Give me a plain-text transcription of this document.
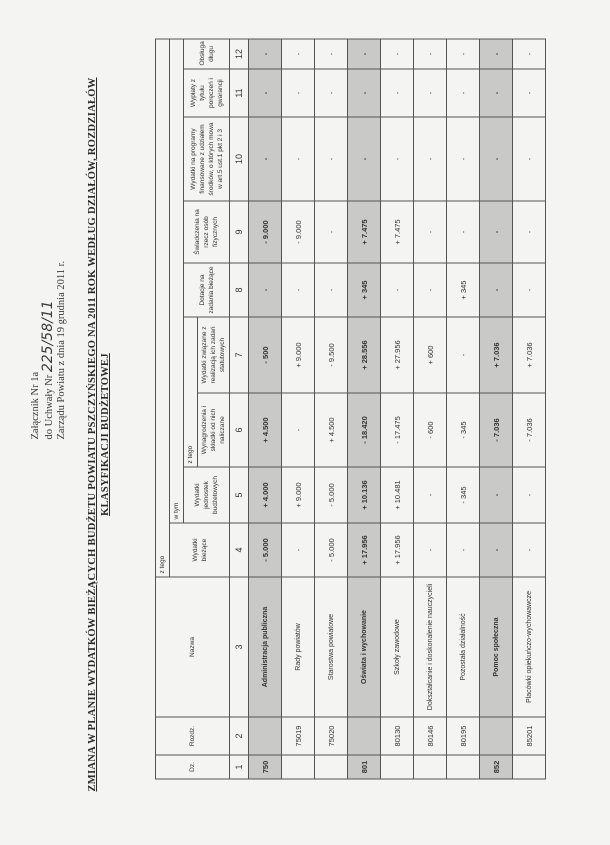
Załącznik Nr 1a do Uchwały Nr 225/58/11 Zarządu Powiatu z dnia 19 grudnia 2011 r. ZMIANA W PLANIE WYDATKÓW BIEŻĄCYCH BUDŻETU POWIATU PSZCZYŃSKIEGO NA 2011 ROK WEDŁUG DZIAŁÓW, ROZDZIAŁÓW KLASYFIKACJI BUDŻETOWEJ
Dz.	Rozdz.	Nazwa	z tego								
			Wydatki bieżące	w tym							
				Wydatki jednostek budżetowych	z tego		Dotacje na zadania bieżące	Świadczenia na rzecz osób fizycznych	Wydatki na programy finansowane z udziałem środków, o których mowa w art.5 ust.1 pkt 2 i 3	Wypłaty z tytułu poręczeń i gwarancji	Obsługa długu
					Wynagrodzenia i składki od nich naliczane	Wydatki związane z realizacją ich zadań statutowych					
1	2	3	4	5	6	7	8	9	10	11	12
750		Administracja publiczna	- 5.000	+ 4.000	+ 4.500	- 500	-	- 9.000	-	-	-
	75019	Rady powiatów	-	+ 9.000	-	+ 9.000	-	- 9.000	-	-	-
	75020	Starostwa powiatowe	- 5.000	- 5.000	+ 4.500	- 9.500	-	-	-	-	-
801		Oświata i wychowanie	+ 17.956	+ 10.136	- 18.420	+ 28.556	+ 345	+ 7.475	-	-	-
	80130	Szkoły zawodowe	+ 17.956	+ 10.481	- 17.475	+ 27.956	-	+ 7.475	-	-	-
	80146	Dokształcanie i doskonalenie nauczycieli	-	-	- 600	+ 600	-	-	-	-	-
	80195	Pozostała działalność	-	- 345	- 345	-	+ 345	-	-	-	-
852		Pomoc społeczna	-	-	- 7.036	+ 7.036	-	-	-	-	-
	85201	Placówki opiekuńczo-wychowawcze	-	-	- 7.036	+ 7.036	-	-	-	-	-
